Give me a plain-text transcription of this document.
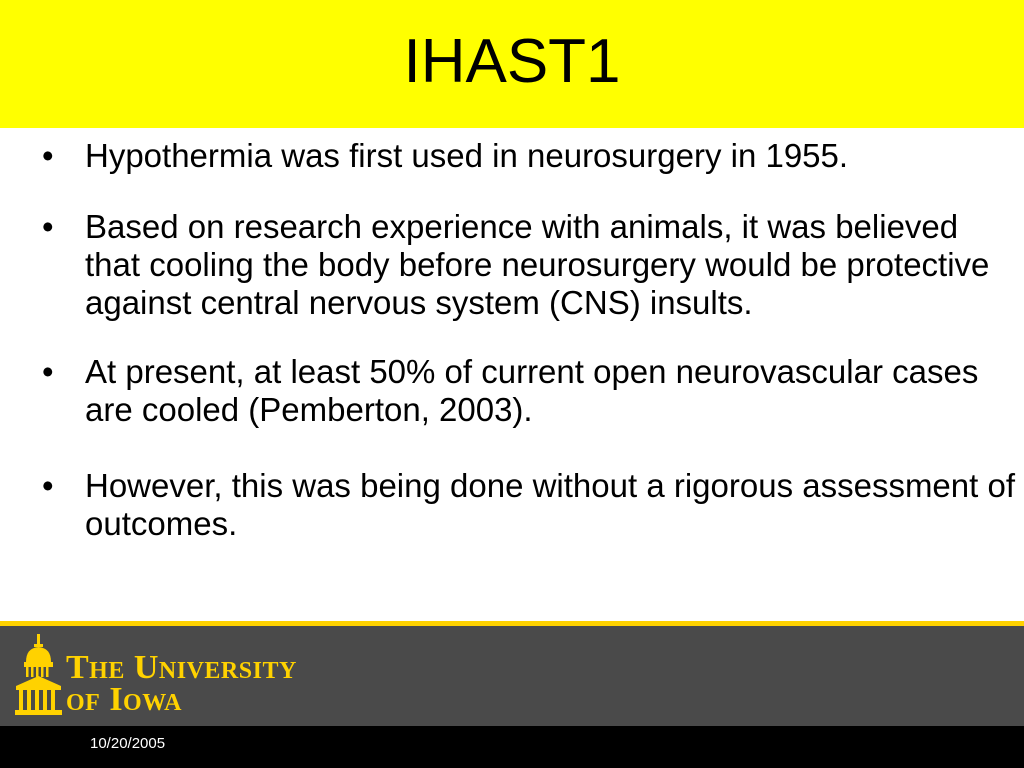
IHAST1
• Hypothermia was first used in neurosurgery in 1955.
• Based on research experience with animals, it was believed that cooling the body before neurosurgery would be protective against central nervous system (CNS) insults.
• At present, at least 50% of current open neurovascular cases are cooled (Pemberton, 2003).
• However, this was being done without a rigorous assessment of outcomes.
The University
of Iowa
10/20/2005
